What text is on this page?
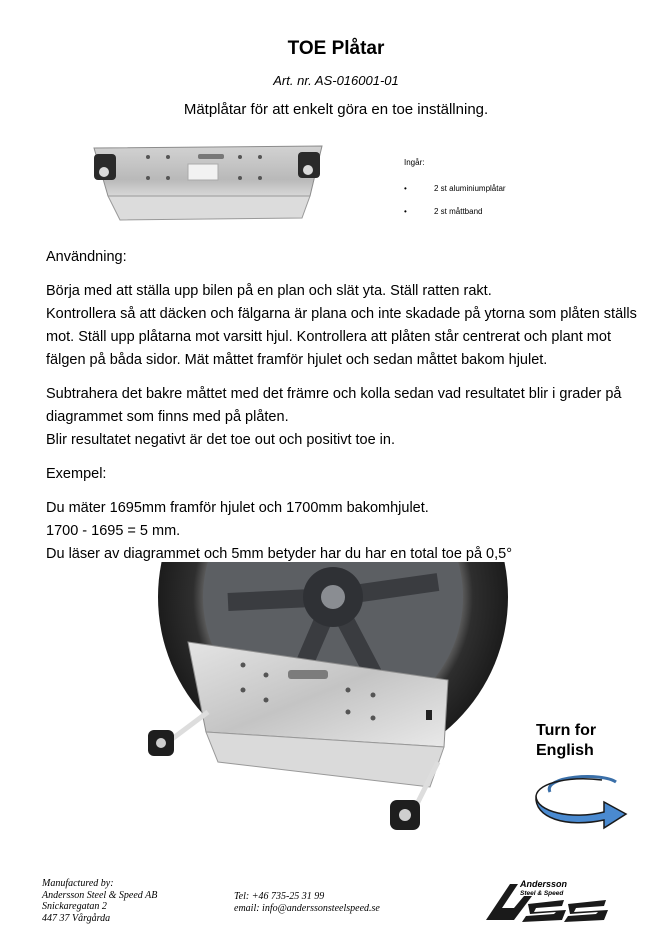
TOE Plåtar
Art. nr. AS-016001-01
Mätplåtar för att enkelt göra en toe inställning.
Ingår:
•	2 st aluminiumplåtar
•	2 st måttband

Användning:

Börja med att ställa upp bilen på en plan och slät yta. Ställ ratten rakt.

Kontrollera så att däcken och fälgarna är plana och inte skadade på ytorna som plåten ställs

mot. Ställ upp plåtarna mot varsitt hjul. Kontrollera att plåten står centrerat och plant mot

fälgen på båda sidor. Mät måttet framför hjulet och sedan måttet bakom hjulet.

Subtrahera det bakre måttet med det främre och kolla sedan vad resultatet blir i grader på

diagrammet som finns med på plåten.

Blir resultatet negativt är det toe out och positivt toe in.

Exempel:

Du mäter 1695mm framför hjulet och 1700mm bakomhjulet.

1700 - 1695 = 5 mm.

Du läser av diagrammet och 5mm betyder har du har en total toe på 0,5°

Turn for
English
Manufactured by:
Andersson Steel & Speed AB
Snickaregatan 2
447 37 Vårgårda
Tel: +46 735-25 31 99
email: info@anderssonsteelspeed.se
Andersson
Steel & Speed
